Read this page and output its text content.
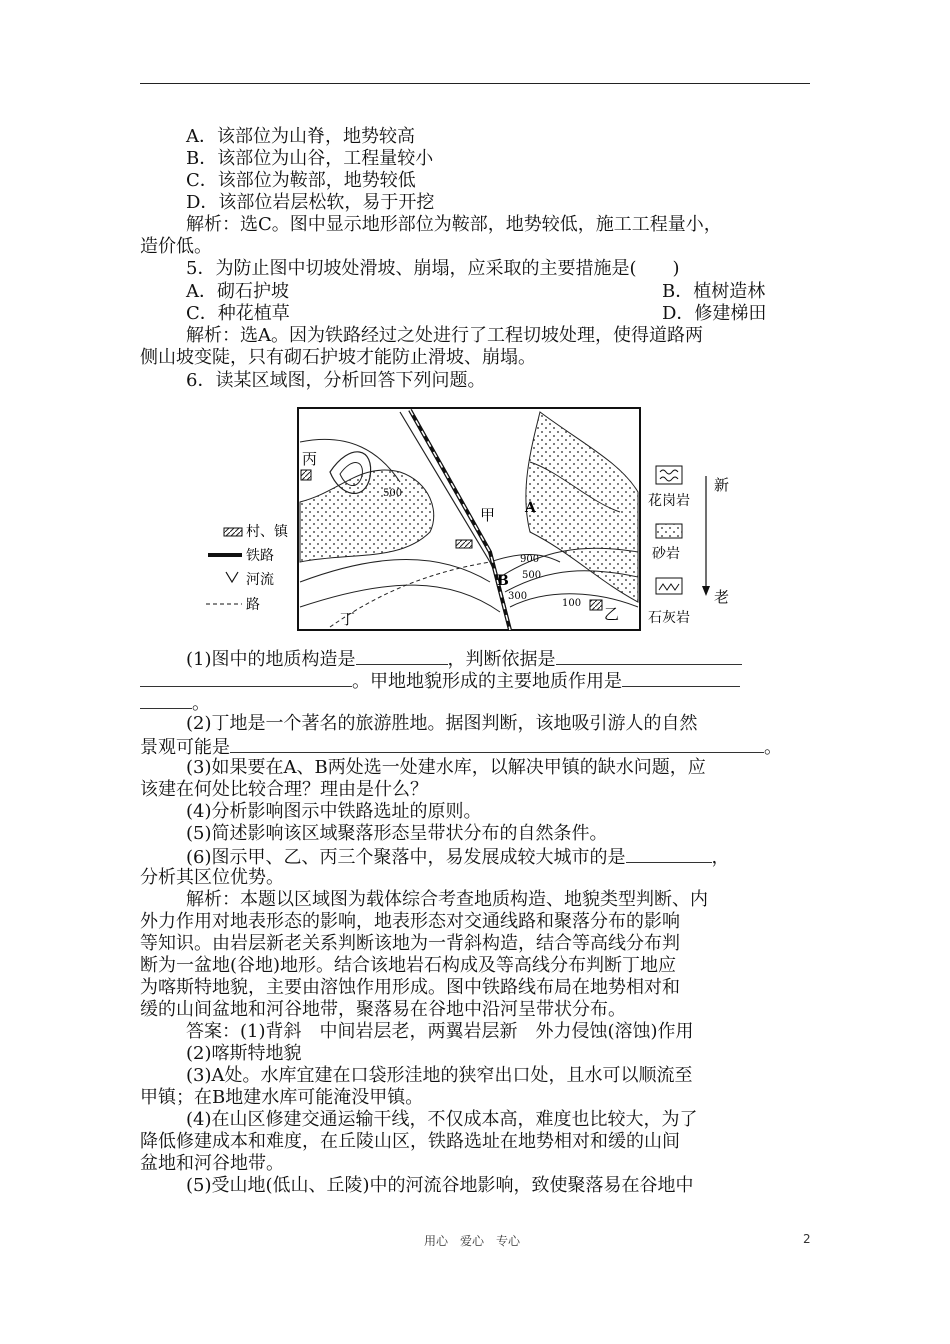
A．该部位为山脊，地势较高
B．该部位为山谷，工程量较小
C．该部位为鞍部，地势较低
D．该部位岩层松软，易于开挖
解析：选C。图中显示地形部位为鞍部，地势较低，施工工程量小，
造价低。
5．为防止图中切坡处滑坡、崩塌，应采取的主要措施是(　　)
A．砌石护坡	B．植树造林
C．种花植草	D．修建梯田
解析：选A。因为铁路经过之处进行了工程切坡处理，使得道路两
侧山坡变陡，只有砌石护坡才能防止滑坡、崩塌。
6．读某区域图，分析回答下列问题。
丙
甲
乙
丁
A
B
500
900
500
300
100
村、镇
铁路
河流
路
花岗岩
砂岩
石灰岩
新
老
(1)图中的地质构造是	，判断依据是
。甲地地貌形成的主要地质作用是
。
(2)丁地是一个著名的旅游胜地。据图判断，该地吸引游人的自然
景观可能是	。
(3)如果要在A、B两处选一处建水库，以解决甲镇的缺水问题，应
该建在何处比较合理？理由是什么？
(4)分析影响图示中铁路选址的原则。
(5)简述影响该区域聚落形态呈带状分布的自然条件。
(6)图示甲、乙、丙三个聚落中，易发展成较大城市的是	，
分析其区位优势。
解析：本题以区域图为载体综合考查地质构造、地貌类型判断、内
外力作用对地表形态的影响，地表形态对交通线路和聚落分布的影响
等知识。由岩层新老关系判断该地为一背斜构造，结合等高线分布判
断为一盆地(谷地)地形。结合该地岩石构成及等高线分布判断丁地应
为喀斯特地貌，主要由溶蚀作用形成。图中铁路线布局在地势相对和
缓的山间盆地和河谷地带，聚落易在谷地中沿河呈带状分布。
答案：(1)背斜　中间岩层老，两翼岩层新　外力侵蚀(溶蚀)作用
(2)喀斯特地貌
(3)A处。水库宜建在口袋形洼地的狭窄出口处，且水可以顺流至
甲镇；在B地建水库可能淹没甲镇。
(4)在山区修建交通运输干线，不仅成本高，难度也比较大，为了
降低修建成本和难度，在丘陵山区，铁路选址在地势相对和缓的山间
盆地和河谷地带。
(5)受山地(低山、丘陵)中的河流谷地影响，致使聚落易在谷地中
用心　爱心　专心	2
